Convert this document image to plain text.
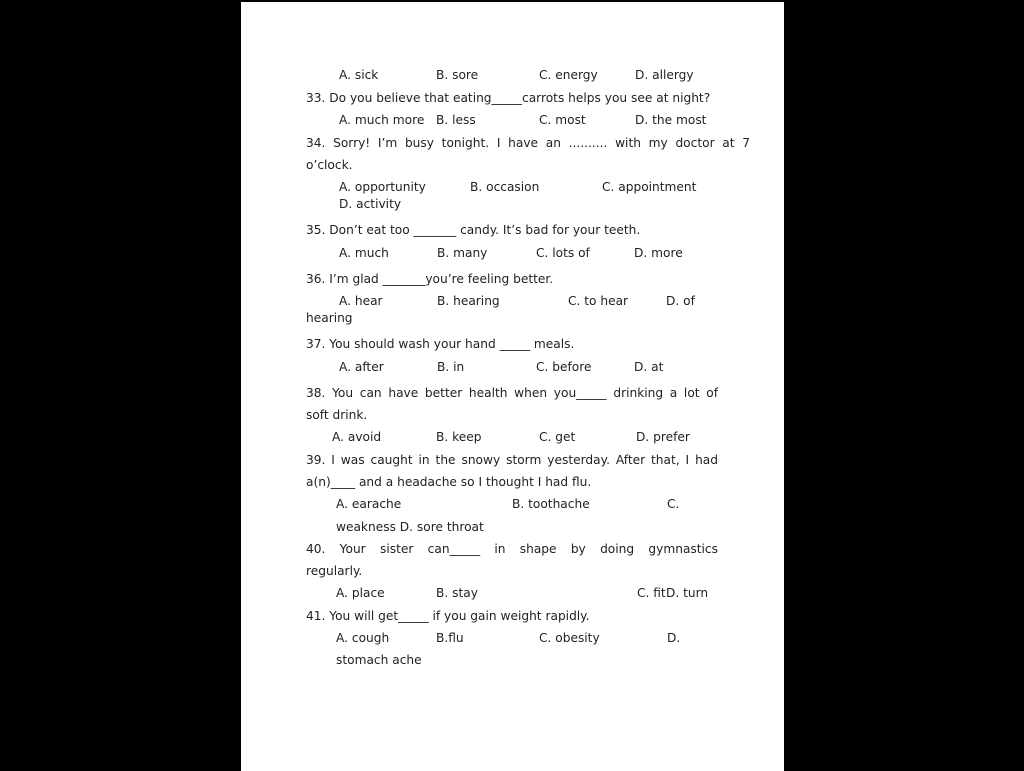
A. sick	B. sore	C. energy	D. allergy
33. Do you believe that eating_____carrots helps you see at night?
A. much more B. less	C. most	D. the most
34. Sorry! I’m busy tonight. I have an .......... with my doctor at 7
o’clock.
A. opportunity	B. occasion	C. appointment
D. activity
35. Don’t eat too _______ candy. It’s bad for your teeth.
A. much	B. many	C. lots of	D. more
36. I’m glad _______you’re feeling better.
A. hear	B. hearing	C. to hear	D. of
hearing
37. You should wash your hand _____ meals.
A. after	B. in	C. before	D. at
38. You can have better health when you_____ drinking a lot of
soft drink.
A. avoid	B. keep	C. get	D. prefer
39. I was caught in the snowy storm yesterday. After that, I had
a(n)____ and a headache so I thought I had flu.
A. earache	B. toothache	C.
weakness D. sore throat
40. Your sister can_____ in shape by doing gymnastics
regularly.
A. place	B. stay	C. fit D. turn
41. You will get_____ if you gain weight rapidly.
A. cough	B.flu	C. obesity	D.
stomach ache
